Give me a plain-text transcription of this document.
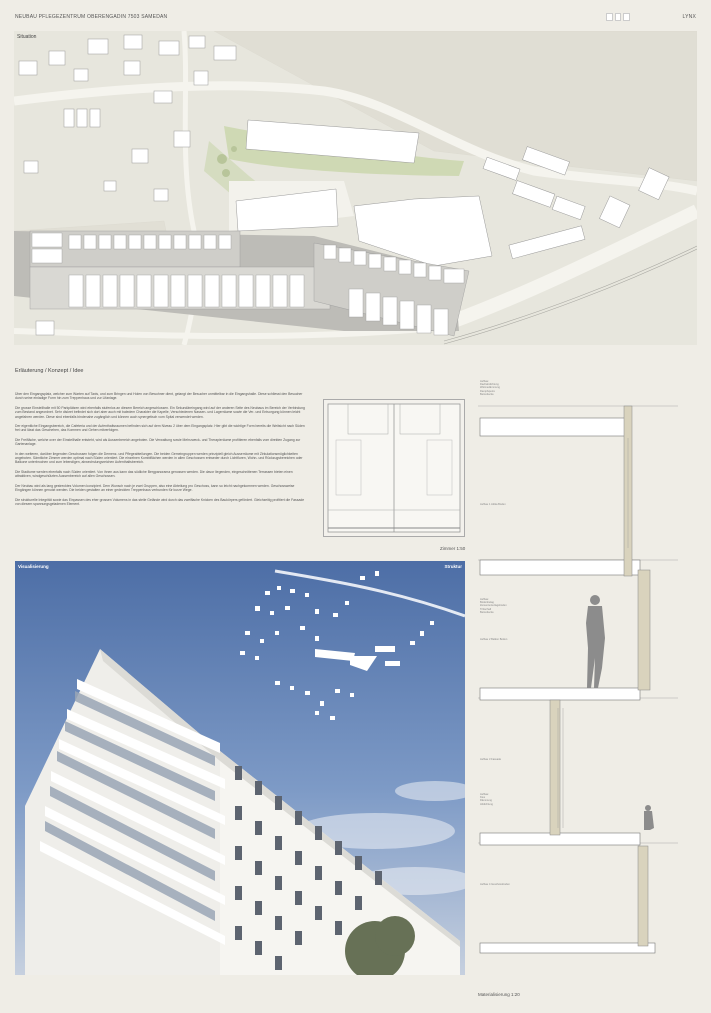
NEUBAU PFLEGEZENTRUM OBERENGADIN 7503 SAMEDAN	LYNX
Situation
Erläuterung / Konzept / Idee

Über den Eingangsplatz, welcher zum Warten auf Taxis, und zum Bringen und Holen von Bewohner dient, gelangt der Besucher unmittelbar in die Eingangshalle. Diese schliesst den Besucher durch seine einladige Form hin zum Treppenhaus und zur Lifanlage.

Die grosse Einstellhalle mit 50 Parkplätzen wird ebenfalls stufenlos an diesem Bereich angeschlossen. Ein Sekundäreingang wird auf der anderen Seite des Neubaus im Bereich der Verbindung zum Bestand angeordnet. Sehr diskret befindet sich dort aber auch mit baledem Charakter die Kapelle, Verschiedenen Nassen- und Lagerräume sowie die Ver- und Entsorgung können leicht angefahren werden. Diese sind ebenfalls bindenahe zugänglich und können auch synergetisch vom Spital verwendet werden.

Der eigentliche Eingangsbereich, die Cafeteria und der Aufenthaltsraumen befinden sich auf dem Niveau 2 über dem Eingangsplatz. Hier gibt die wichtige Form bereits die Weitsicht nach Süden frei und lässt das Geschehen, das Kommen und Gehen mitverfolgen.

Die Freifläche, welche over der Einstellhalle entsteht, wird als Aussenbereich angeboten. Die Verwaltung sowie Mehrzweck- und Therapieräume profitieren ebenfalls vom direkten Zugang zur Gartenanlage.

In den weiteren, darüber liegenden Geschossen folgen die Demenz- und Pflegeabteilungen. Die beiden Gemeingruppen werden prinzipiell gleich Ausserräume mit Zirkulationsmöglichkeiten angeboten. Sämtliche Zimmer werden optimal nach Süden orientiert. Die einzelnen Kombiflächen werden in allen Geschossen entweder durch Lichtfluren, Wohn- und Rückzugsbereichen oder Balkone unterbrochen und zum lebendigen, abwechslungsreichen Aufenthaltsbereich.

Die Stadtume werden ebenfalls nach Süden orientiert. Von ihnen aus kann das südliche Bergpanorama genossen werden. Die davor liegenden, eingeschnittenen Terrassen bieten einen attraktiven, windgeschützten Aussenbereich auf allen Geschossen.

Der Neubau wird als lang gestrecktes Volumen konzipiert. Dem Wunsch nach je zwei Gruppen, also eine Abteilung pro Geschoss, kann so leicht nachgekommen werden. Geschossweise Eingängen können genutzt werden. Die beiden gestalten an einer gedeckten Treppenhaus verbunden für kurze Wege.

Die strukturelle Integrität sowie das Einpassen des eher grossen Volumens in das steile Gelände wird durch das zweiflache Knicken des Baukörpers gefördert. Gleichzeitig profitiert die Fassade von diesem spannungsgeladenen Element.

Zimmer 1:50
Visualisierung	Struktur
Aufbau:
Dachabdichtung
Wärmedämmung
Dampfsperre
Betondecke
Aufbau 1 Attika Boden
Aufbau:
Bodenbelag
Zementunterlagsboden
Trittschall
Betondecke
Aufbau 2 Balkon Boden
Aufbau 3 Fassade
Aufbau 4 Geschossboden
Aufbau:
Kies
Dämmung
Abdichtung
Materialisierung 1:20
